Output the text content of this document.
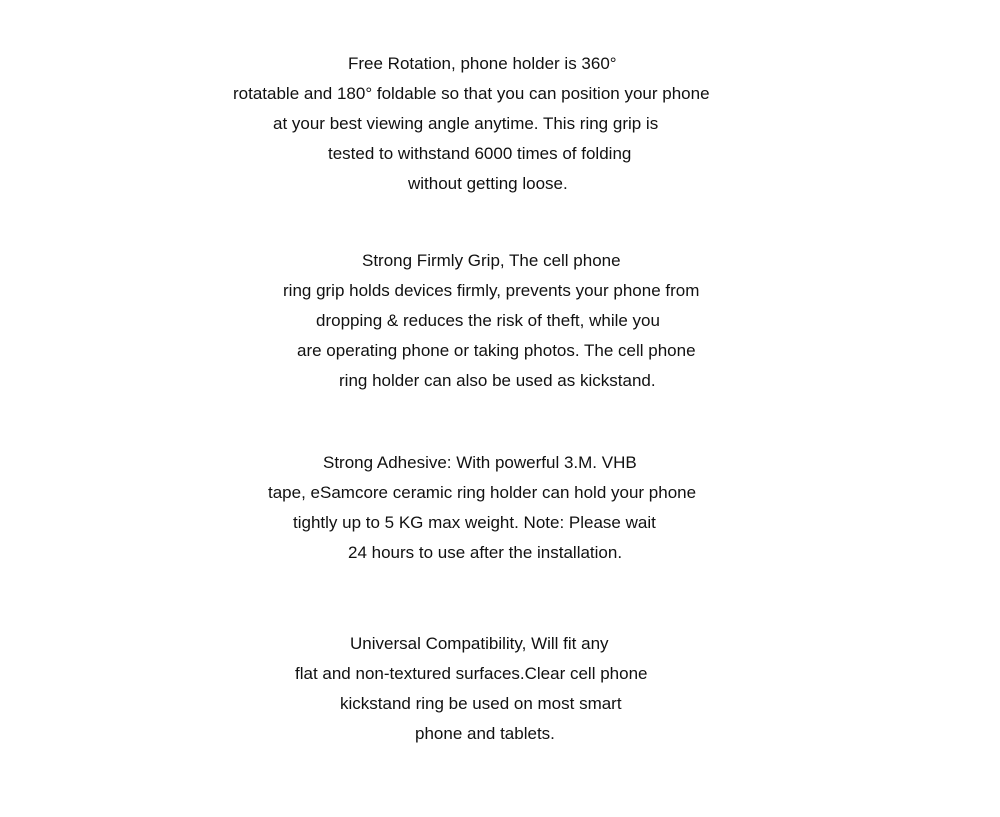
Free Rotation, phone holder is 360°
rotatable and 180° foldable so that you can position your phone
at your best viewing angle anytime. This ring grip is
tested to withstand 6000 times of folding
without getting loose.
Strong Firmly Grip, The cell phone
ring grip holds devices firmly, prevents your phone from
dropping & reduces the risk of theft, while you
are operating phone or taking photos. The cell phone
ring holder can also be used as kickstand.
Strong Adhesive: With powerful 3.M. VHB
tape, eSamcore ceramic ring holder can hold your phone
tightly up to 5 KG max weight. Note: Please wait
24 hours to use after the installation.
Universal Compatibility, Will fit any
flat and non-textured surfaces.Clear cell phone
kickstand ring be used on most smart
phone and tablets.
